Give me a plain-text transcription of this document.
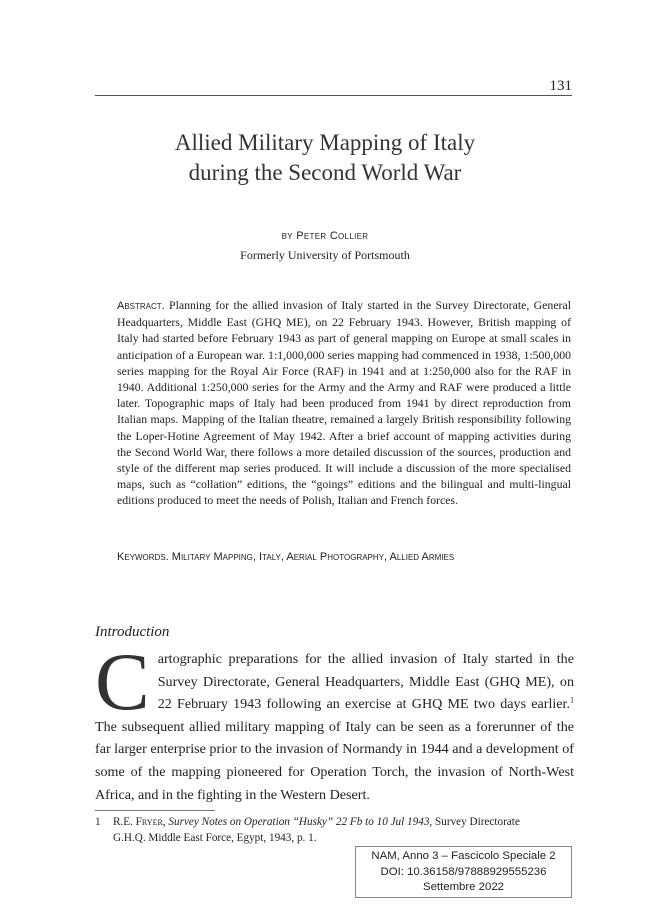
131
Allied Military Mapping of Italy
during the Second World War
by Peter Collier
Formerly University of Portsmouth

Abstract. Planning for the allied invasion of Italy started in the Survey Directorate, General Headquarters, Middle East (GHQ ME), on 22 February 1943. However, British mapping of Italy had started before February 1943 as part of general mapping on Europe at small scales in anticipation of a European war. 1:1,000,000 series mapping had commenced in 1938, 1:500,000 series mapping for the Royal Air Force (RAF) in 1941 and at 1:250,000 also for the RAF in 1940. Additional 1:250,000 series for the Army and the Army and RAF were produced a little later. Topographic maps of Italy had been produced from 1941 by direct reproduction from Italian maps. Mapping of the Italian theatre, remained a largely British responsibility following the Loper-Hotine Agreement of May 1942. After a brief account of mapping activities during the Second World War, there follows a more detailed discussion of the sources, production and style of the different map series produced. It will include a discussion of the more specialised maps, such as “collation” editions, the “goings” editions and the bilingual and multi-lingual editions produced to meet the needs of Polish, Italian and French forces.

Keywords. Military Mapping, Italy, Aerial Photography, Allied Armies

Introduction

Cartographic preparations for the allied invasion of Italy started in the Survey Directorate, General Headquarters, Middle East (GHQ ME), on 22 February 1943 following an exercise at GHQ ME two days earlier.$^1$ The subsequent allied military mapping of Italy can be seen as a forerunner of the far larger enterprise prior to the invasion of Normandy in 1944 and a development of some of the mapping pioneered for Operation Torch, the invasion of North-West Africa, and in the fighting in the Western Desert.

1 R.E. Fryer, Survey Notes on Operation “Husky” 22 Fb to 10 Jul 1943, Survey Directorate
G.H.Q. Middle East Force, Egypt, 1943, p. 1.

NAM, Anno 3 – Fascicolo Speciale 2
DOI: 10.36158/97888929555236
Settembre 2022
